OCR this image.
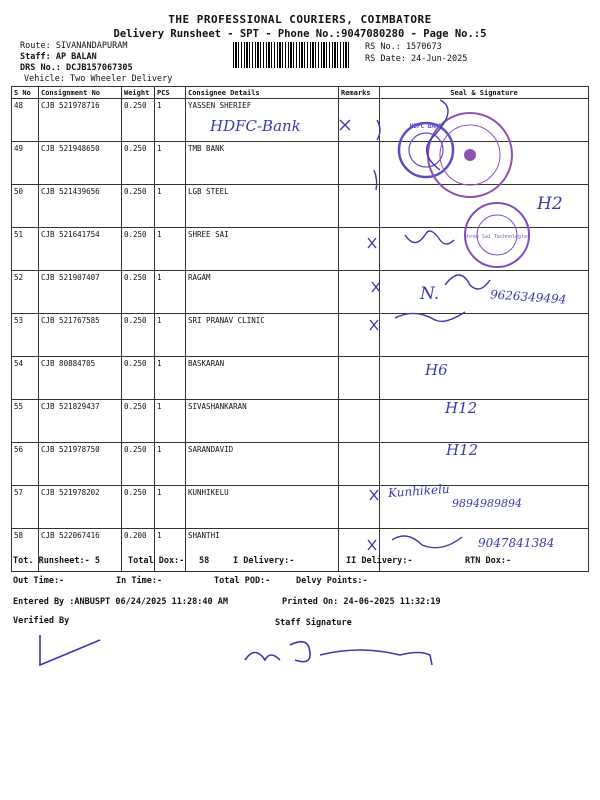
THE PROFESSIONAL COURIERS, COIMBATORE
Delivery Runsheet - SPT - Phone No.:9047080280 - Page No.:5
Route: SIVANANDAPURAM
Staff: AP BALAN
DRS No.: DCJB157067305
Vehicle: Two Wheeler Delivery
RS No.: 1570673
RS Date: 24-Jun-2025
S No	Consignment No	Weight	PCS	Consignee Details	Remarks	Seal & Signature
48	CJB 521978716	0.250	1	YASSEN SHERIEF		
49	CJB 521948650	0.250	1	TMB BANK		
50	CJB 521439656	0.250	1	LGB STEEL		
51	CJB 521641754	0.250	1	SHREE SAI		
52	CJB 521907407	0.250	1	RAGAM		
53	CJB 521767585	0.250	1	SRI PRANAV CLINIC		
54	CJB 80884705	0.250	1	BASKARAN		
55	CJB 521829437	0.250	1	SIVASHANKARAN		
56	CJB 521978750	0.250	1	SARANDAVID		
57	CJB 521978202	0.250	1	KUNHIKELU		
58	CJB 522067416	0.200	1	SHANTHI		
HDFC-Bank
H2
N.	9626349494
H6
H12
H12
Kunhikelu
9894989894
9047841384
HDFC BANK
Shree Sai Technologies
Tot. Runsheet:- 5	Total Dox:- 58	I Delivery:-	II Delivery:-	RTN Dox:-
Out Time:-	In Time:-	Total POD:-	Delvy Points:-
Entered By :ANBUSPT 06/24/2025 11:28:40 AM	Printed On: 24-06-2025 11:32:19
Verified By	Staff Signature
